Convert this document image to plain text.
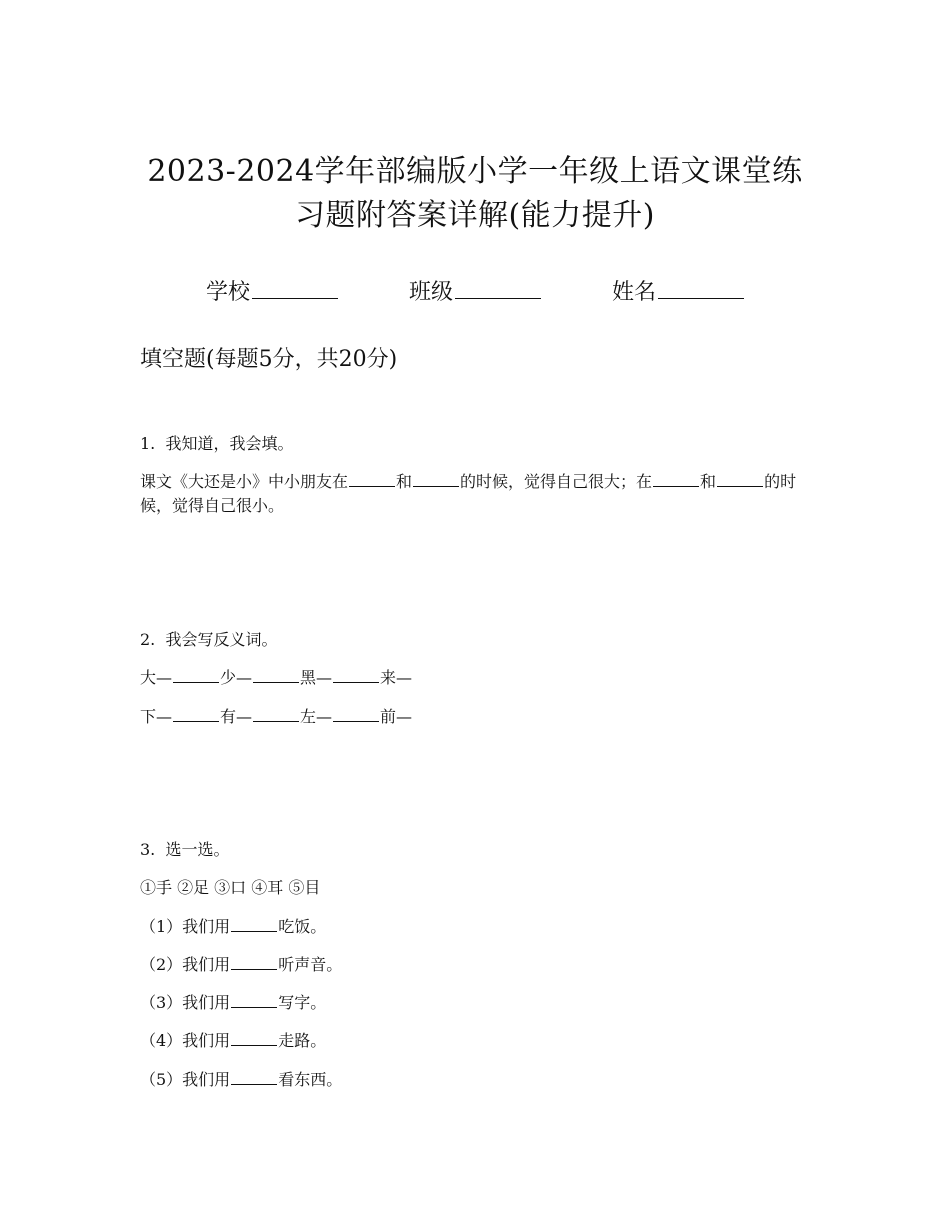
2023-2024学年部编版小学一年级上语文课堂练
习题附答案详解(能力提升)
学校	班级	姓名
填空题(每题5分，共20分)
1. 我知道，我会填。
课文《大还是小》中小朋友在	和	的时候，觉得自己很大；在	和	的时候，觉得自己很小。
2. 我会写反义词。
大—	少—	黑—	来—
下—	有—	左—	前—
3. 选一选。
①手 ②足 ③口 ④耳 ⑤目
（1）我们用	吃饭。
（2）我们用	听声音。
（3）我们用	写字。
（4）我们用	走路。
（5）我们用	看东西。
